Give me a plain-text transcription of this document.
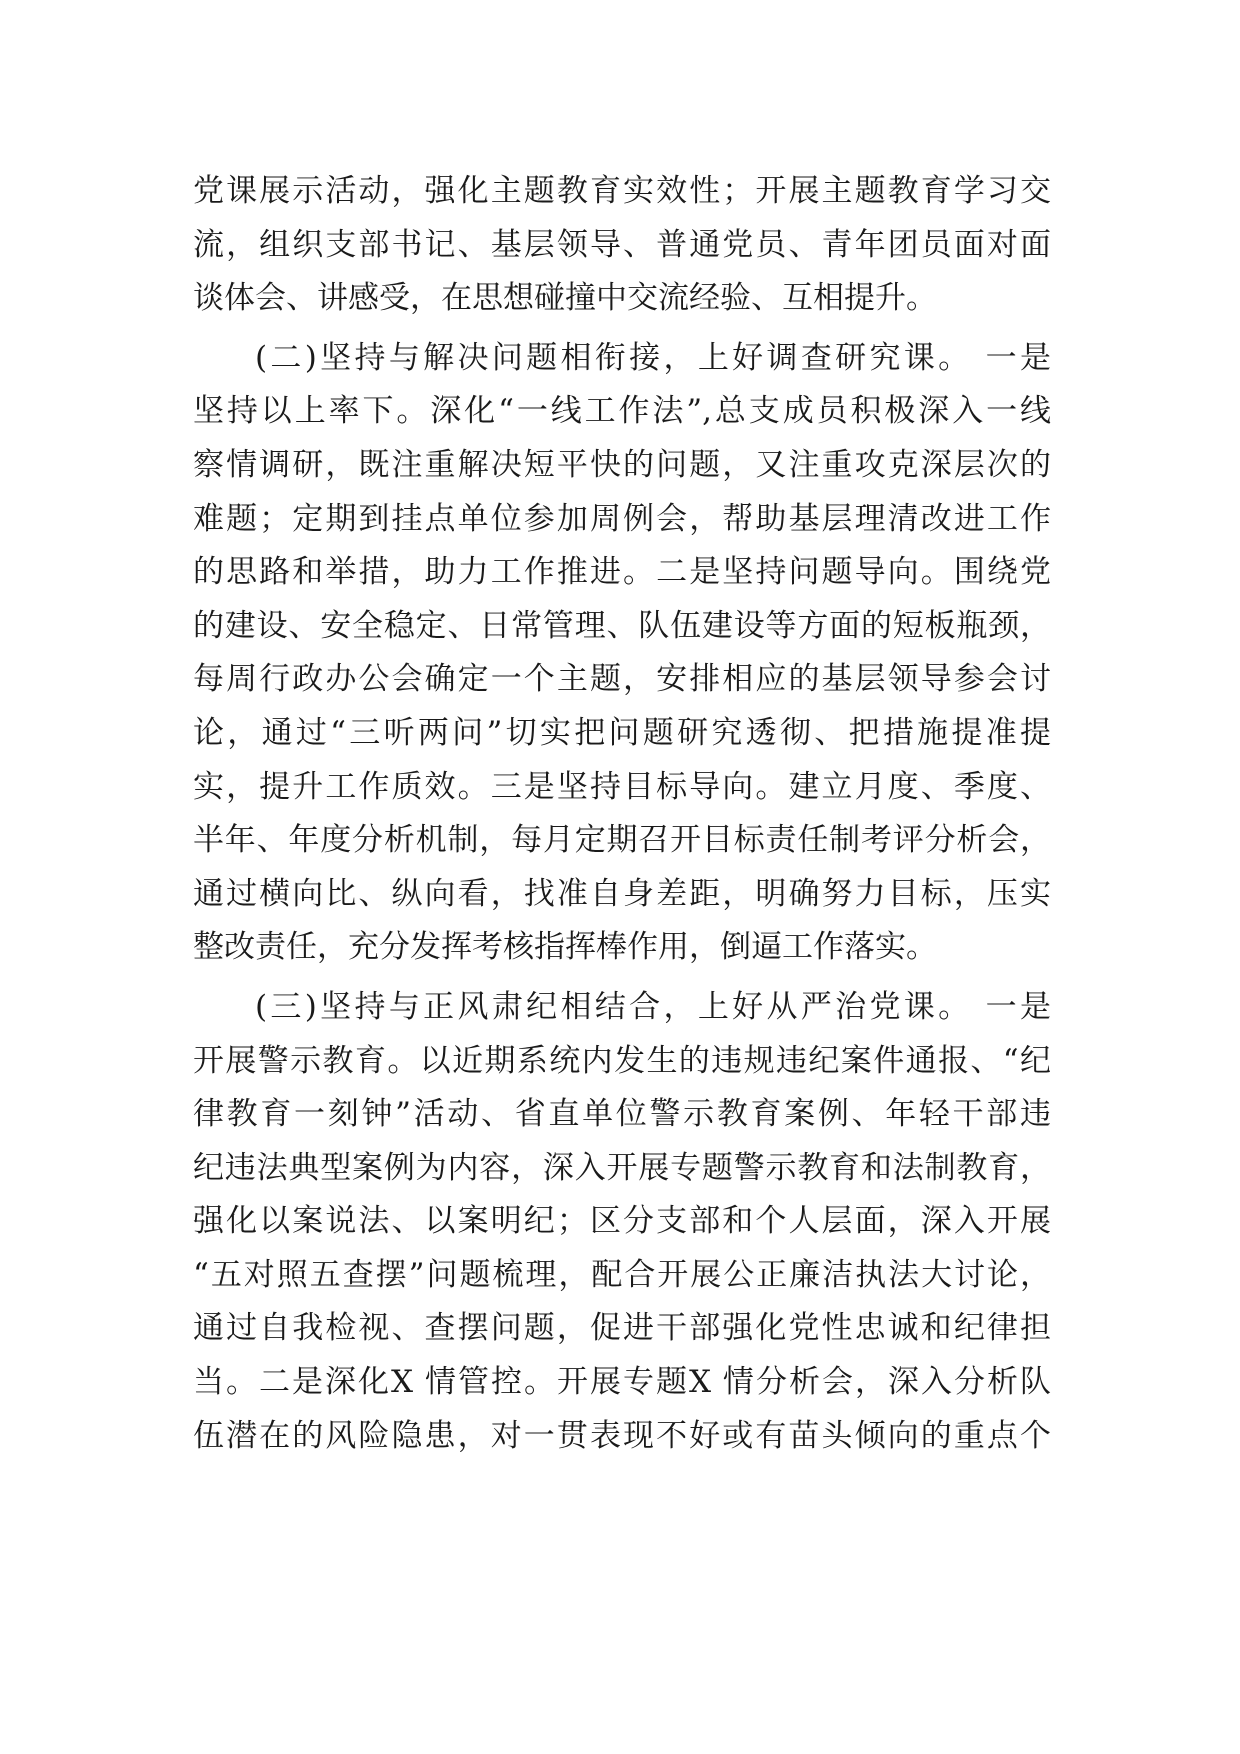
党课展示活动，强化主题教育实效性；开展主题教育学习交
流，组织支部书记、基层领导、普通党员、青年团员面对面
谈体会、讲感受，在思想碰撞中交流经验、互相提升。
(二)坚持与解决问题相衔接，上好调查研究课。 一是
坚持以上率下。深化“一线工作法”,总支成员积极深入一线
察情调研，既注重解决短平快的问题，又注重攻克深层次的
难题；定期到挂点单位参加周例会，帮助基层理清改进工作
的思路和举措，助力工作推进。二是坚持问题导向。围绕党
的建设、安全稳定、日常管理、队伍建设等方面的短板瓶颈，
每周行政办公会确定一个主题，安排相应的基层领导参会讨
论，通过“三听两问”切实把问题研究透彻、把措施提准提
实，提升工作质效。三是坚持目标导向。建立月度、季度、
半年、年度分析机制，每月定期召开目标责任制考评分析会，
通过横向比、纵向看，找准自身差距，明确努力目标，压实
整改责任，充分发挥考核指挥棒作用，倒逼工作落实。
(三)坚持与正风肃纪相结合，上好从严治党课。 一是
开展警示教育。以近期系统内发生的违规违纪案件通报、“纪
律教育一刻钟”活动、省直单位警示教育案例、年轻干部违
纪违法典型案例为内容，深入开展专题警示教育和法制教育，
强化以案说法、以案明纪；区分支部和个人层面，深入开展
“五对照五查摆”问题梳理，配合开展公正廉洁执法大讨论，
通过自我检视、查摆问题，促进干部强化党性忠诚和纪律担
当。二是深化X 情管控。开展专题X 情分析会，深入分析队
伍潜在的风险隐患，对一贯表现不好或有苗头倾向的重点个
